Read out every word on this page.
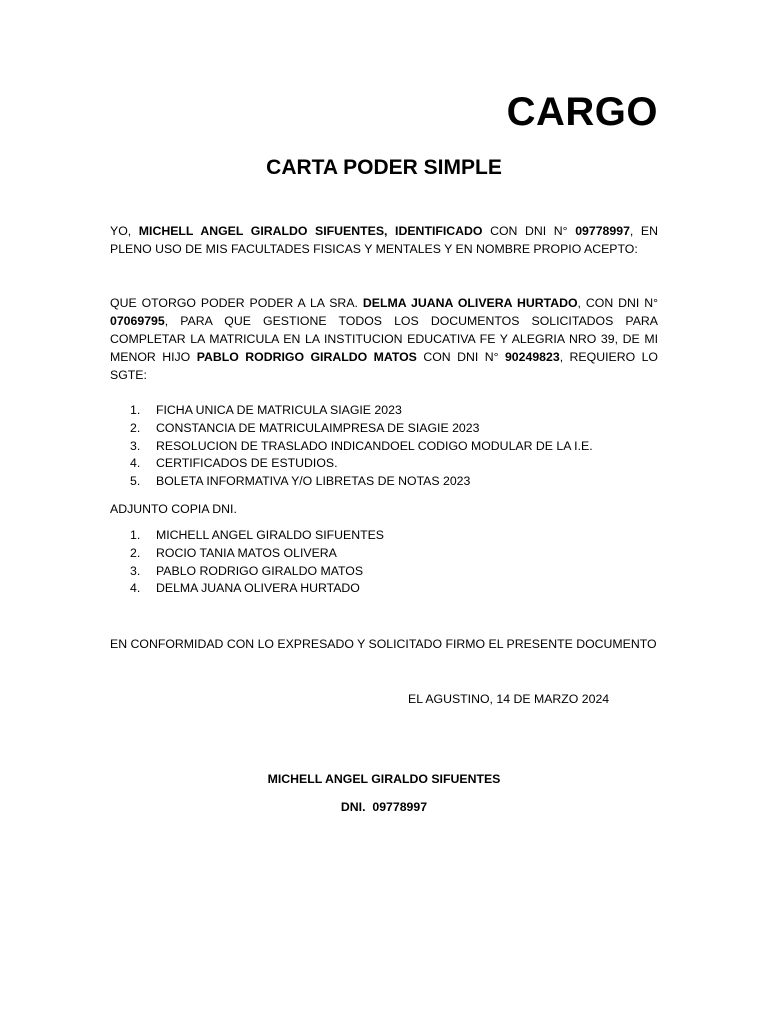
CARGO
CARTA PODER SIMPLE
YO, MICHELL ANGEL GIRALDO SIFUENTES, IDENTIFICADO CON DNI N° 09778997, EN PLENO USO DE MIS FACULTADES FISICAS Y MENTALES Y EN NOMBRE PROPIO ACEPTO:
QUE OTORGO PODER PODER A LA SRA. DELMA JUANA OLIVERA HURTADO, CON DNI N° 07069795, PARA QUE GESTIONE TODOS LOS DOCUMENTOS SOLICITADOS PARA COMPLETAR LA MATRICULA EN LA INSTITUCION EDUCATIVA FE Y ALEGRIA NRO 39, DE MI MENOR HIJO PABLO RODRIGO GIRALDO MATOS CON DNI N° 90249823, REQUIERO LO SGTE:
1.	FICHA UNICA DE MATRICULA SIAGIE 2023
2.	CONSTANCIA DE MATRICULAIMPRESA DE SIAGIE 2023
3.	RESOLUCION DE TRASLADO INDICANDOEL CODIGO MODULAR DE LA I.E.
4.	CERTIFICADOS DE ESTUDIOS.
5.	BOLETA INFORMATIVA Y/O LIBRETAS DE NOTAS 2023
ADJUNTO COPIA DNI.
1.	MICHELL ANGEL GIRALDO SIFUENTES
2.	ROCIO TANIA MATOS OLIVERA
3.	PABLO RODRIGO GIRALDO MATOS
4.	DELMA JUANA OLIVERA HURTADO
EN CONFORMIDAD CON LO EXPRESADO Y SOLICITADO FIRMO EL PRESENTE DOCUMENTO
EL AGUSTINO, 14 DE MARZO 2024
MICHELL ANGEL GIRALDO SIFUENTES
DNI.  09778997
